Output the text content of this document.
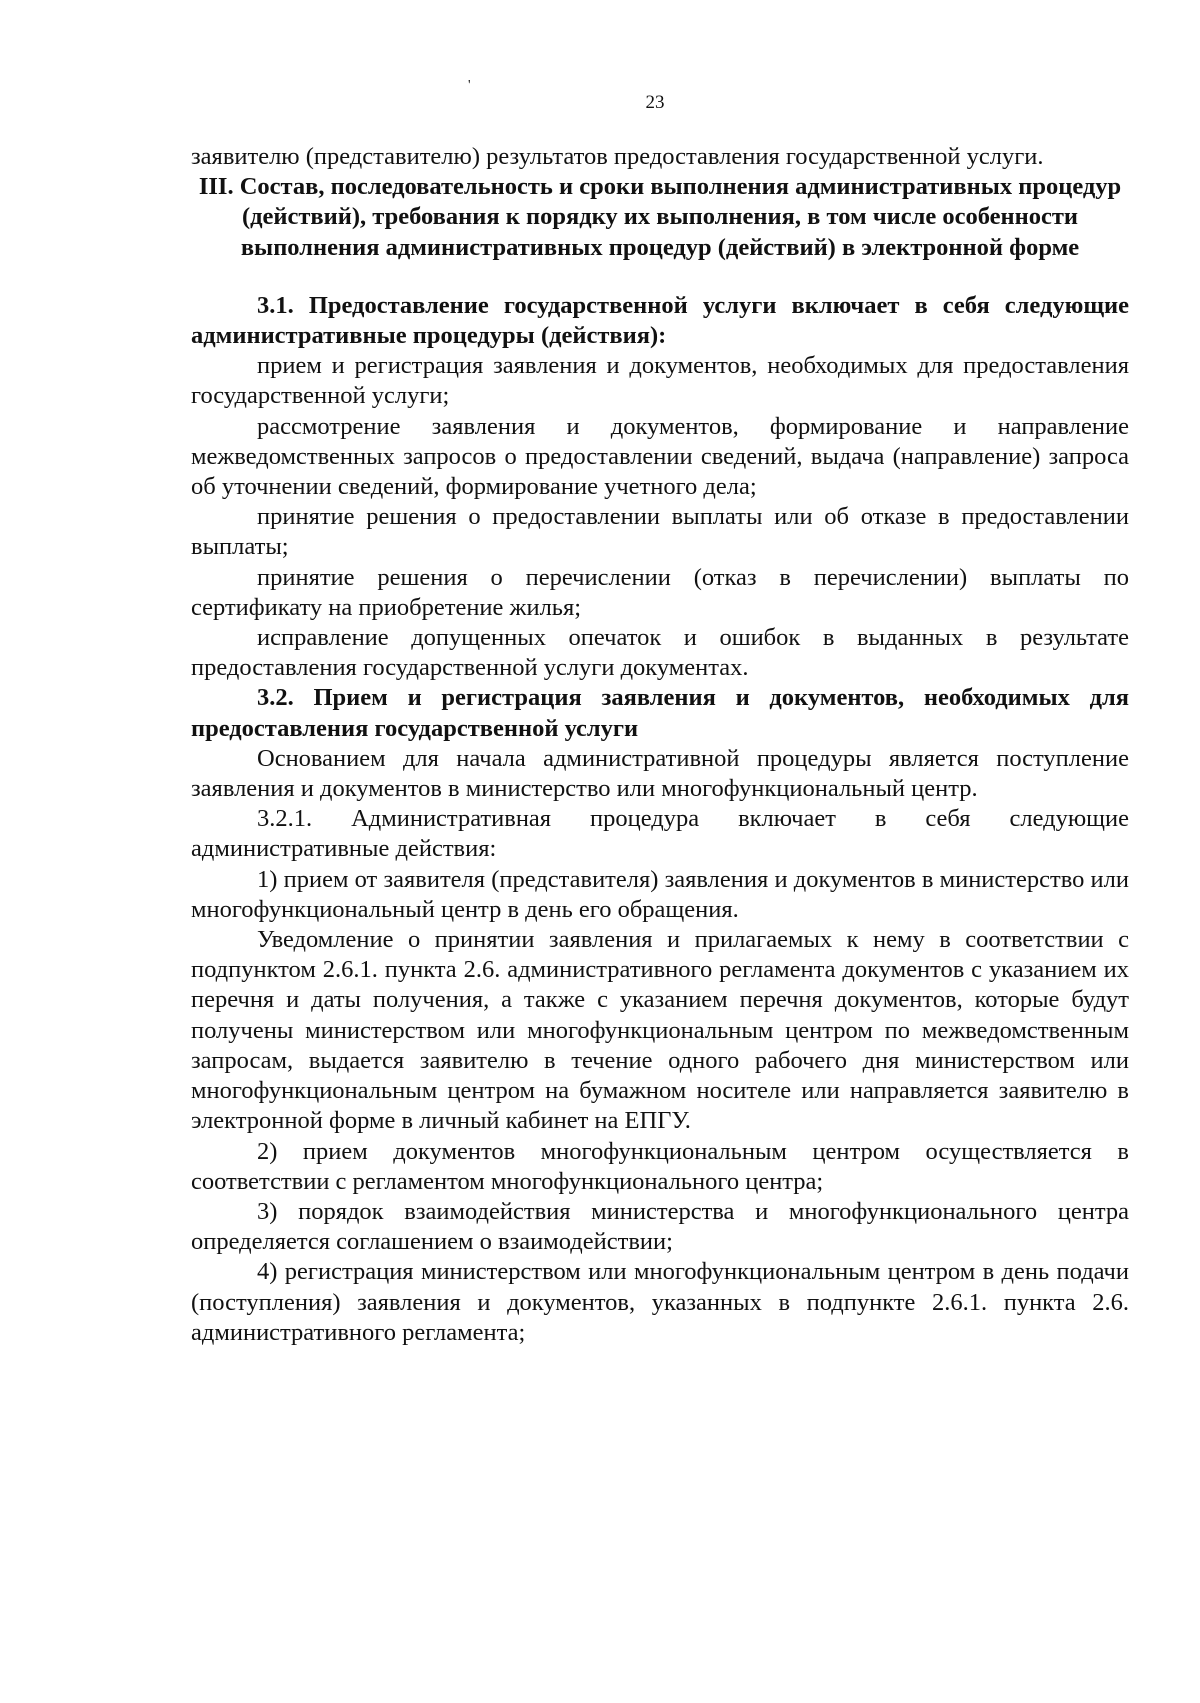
'
23

заявителю (представителю) результатов предоставления государственной услуги.

III. Состав, последовательность и сроки выполнения административных процедур (действий), требования к порядку их выполнения, в том числе особенности выполнения административных процедур (действий) в электронной форме

3.1. Предоставление государственной услуги включает в себя следующие административные процедуры (действия):

прием и регистрация заявления и документов, необходимых для предоставления государственной услуги;

рассмотрение заявления и документов, формирование и направление межведомственных запросов о предоставлении сведений, выдача (направление) запроса об уточнении сведений, формирование учетного дела;

принятие решения о предоставлении выплаты или об отказе в предоставлении выплаты;

принятие решения о перечислении (отказ в перечислении) выплаты по сертификату на приобретение жилья;

исправление допущенных опечаток и ошибок в выданных в результате предоставления государственной услуги документах.

3.2. Прием и регистрация заявления и документов, необходимых для предоставления государственной услуги

Основанием для начала административной процедуры является поступление заявления и документов в министерство или многофункциональный центр.

3.2.1. Административная процедура включает в себя следующие административные действия:

1) прием от заявителя (представителя) заявления и документов в министерство или многофункциональный центр в день его обращения.

Уведомление о принятии заявления и прилагаемых к нему в соответствии с подпунктом 2.6.1. пункта 2.6. административного регламента документов с указанием их перечня и даты получения, а также с указанием перечня документов, которые будут получены министерством или многофункциональным центром по межведомственным запросам, выдается заявителю в течение одного рабочего дня министерством или многофункциональным центром на бумажном носителе или направляется заявителю в электронной форме в личный кабинет на ЕПГУ.

2) прием документов многофункциональным центром осуществляется в соответствии с регламентом многофункционального центра;

3) порядок взаимодействия министерства и многофункционального центра определяется соглашением о взаимодействии;

4) регистрация министерством или многофункциональным центром в день подачи (поступления) заявления и документов, указанных в подпункте 2.6.1. пункта 2.6. административного регламента;
